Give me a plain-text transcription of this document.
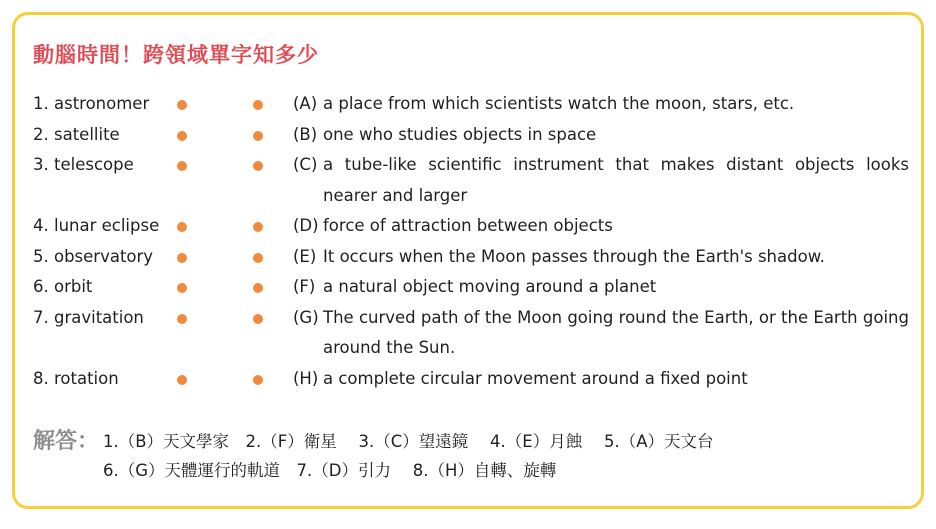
動腦時間！跨領域單字知多少
1. astronomer	(A) a place from which scientists watch the moon, stars, etc.
2. satellite	(B) one who studies objects in space
3. telescope	(C) a tube-like scientific instrument that makes distant objects looks nearer and larger
4. lunar eclipse	(D) force of attraction between objects
5. observatory	(E) It occurs when the Moon passes through the Earth's shadow.
6. orbit	(F) a natural object moving around a planet
7. gravitation	(G) The curved path of the Moon going round the Earth, or the Earth going around the Sun.
8. rotation	(H) a complete circular movement around a fixed point
解答： 1.（B）天文學家　2.（F）衛星　 3.（C）望遠鏡　 4.（E）月蝕　 5.（A）天文台
6.（G）天體運行的軌道　7.（D）引力　 8.（H）自轉、旋轉
